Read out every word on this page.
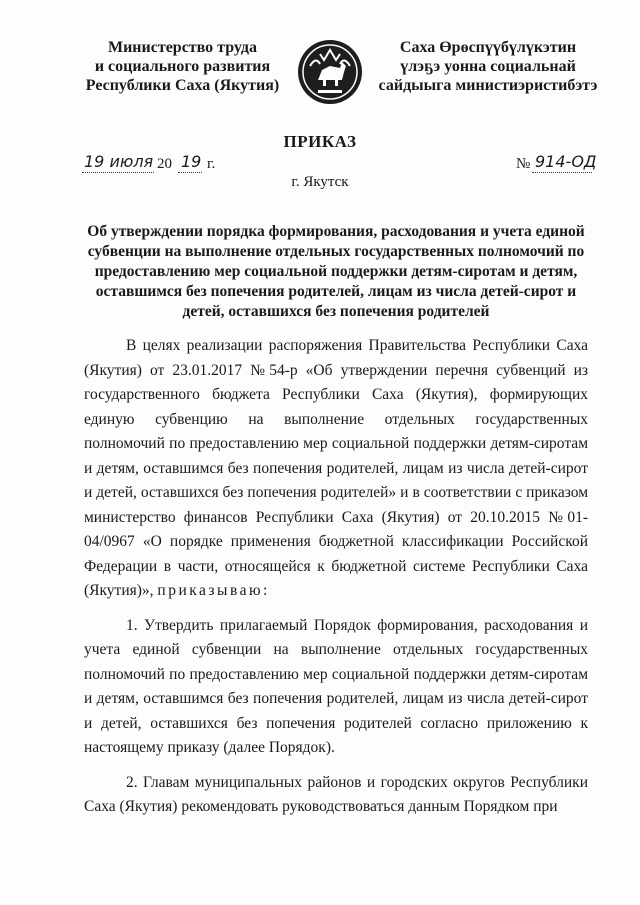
Министерство труда
и социального развития
Республики Саха (Якутия)
Саха Өрөспүүбүлүкэтин
үлэҕэ уонна социальнай
сайдыыга министиэристибэтэ
ПРИКАЗ
19 июля 20 19 г.	№ 914-ОД
г. Якутск
Об утверждении порядка формирования, расходования и учета единой
субвенции на выполнение отдельных государственных полномочий по
предоставлению мер социальной поддержки детям-сиротам и детям,
оставшимся без попечения родителей, лицам из числа детей-сирот и
детей, оставшихся без попечения родителей

В целях реализации распоряжения Правительства Республики Саха (Якутия) от 23.01.2017 №54-р «Об утверждении перечня субвенций из государственного бюджета Республики Саха (Якутия), формирующих единую субвенцию на выполнение отдельных государственных полномочий по предоставлению мер социальной поддержки детям-сиротам и детям, оставшимся без попечения родителей, лицам из числа детей-сирот и детей, оставшихся без попечения родителей» и в соответствии с приказом министерство финансов Республики Саха (Якутия) от 20.10.2015 №01-04/0967 «О порядке применения бюджетной классификации Российской Федерации в части, относящейся к бюджетной системе Республики Саха (Якутия)», приказываю:

1. Утвердить прилагаемый Порядок формирования, расходования и учета единой субвенции на выполнение отдельных государственных полномочий по предоставлению мер социальной поддержки детям-сиротам и детям, оставшимся без попечения родителей, лицам из числа детей-сирот и детей, оставшихся без попечения родителей согласно приложению к настоящему приказу (далее Порядок).

2. Главам муниципальных районов и городских округов Республики Саха (Якутия) рекомендовать руководствоваться данным Порядком при
